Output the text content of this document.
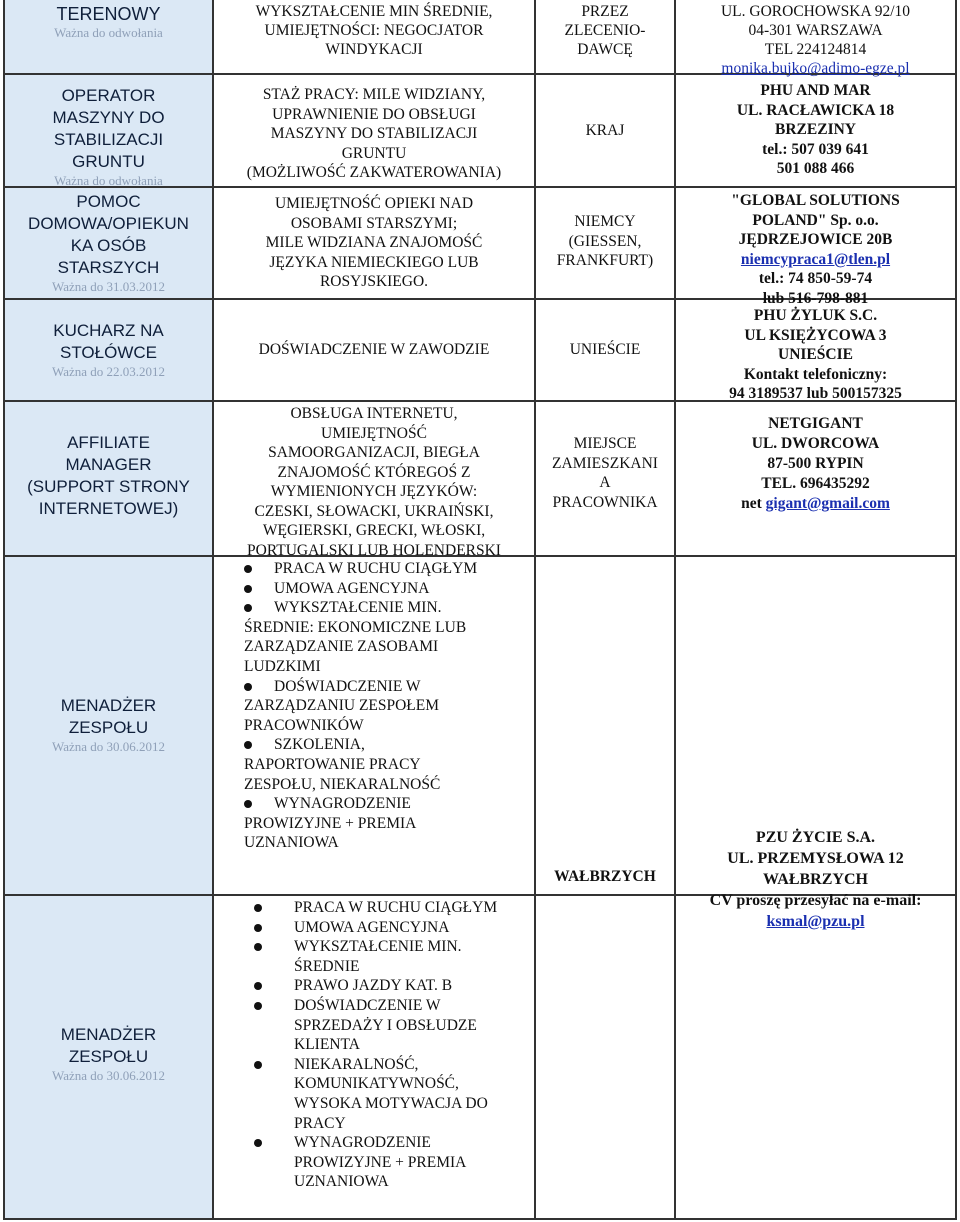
TERENOWY
Ważna do odwołania
WYKSZTAŁCENIE MIN ŚREDNIE,
UMIEJĘTNOŚCI: NEGOCJATOR
WINDYKACJI
PRZEZ
ZLECENIO-
DAWCĘ
UL. GOROCHOWSKA 92/10
04-301 WARSZAWA
TEL 224124814
monika.bujko@adimo-egze.pl
OPERATOR
MASZYNY DO
STABILIZACJI
GRUNTU
Ważna do odwołania
STAŻ PRACY: MILE WIDZIANY,
UPRAWNIENIE DO OBSŁUGI
MASZYNY DO STABILIZACJI
GRUNTU
(MOŻLIWOŚĆ ZAKWATEROWANIA)
KRAJ
PHU AND MAR
UL. RACŁAWICKA 18
BRZEZINY
tel.: 507 039 641
501 088 466
POMOC
DOMOWA/OPIEKUN
KA OSÓB
STARSZYCH
Ważna do 31.03.2012
UMIEJĘTNOŚĆ OPIEKI NAD
OSOBAMI STARSZYMI;
MILE WIDZIANA ZNAJOMOŚĆ
JĘZYKA NIEMIECKIEGO LUB
ROSYJSKIEGO.
NIEMCY
(GIESSEN,
FRANKFURT)
"GLOBAL SOLUTIONS
POLAND" Sp. o.o.
JĘDRZEJOWICE 20B
niemcypraca1@tlen.pl
tel.: 74 850-59-74
lub 516-798-881
KUCHARZ NA
STOŁÓWCE
Ważna do 22.03.2012
DOŚWIADCZENIE W ZAWODZIE	UNIEŚCIE
PHU ŻYLUK S.C.
UL KSIĘŻYCOWA 3
UNIEŚCIE
Kontakt telefoniczny:
94 3189537 lub 500157325
AFFILIATE
MANAGER
(SUPPORT STRONY
INTERNETOWEJ)
OBSŁUGA INTERNETU,
UMIEJĘTNOŚĆ
SAMOORGANIZACJI, BIEGŁA
ZNAJOMOŚĆ KTÓREGOŚ Z
WYMIENIONYCH JĘZYKÓW:
CZESKI, SŁOWACKI, UKRAIŃSKI,
WĘGIERSKI, GRECKI, WŁOSKI,
PORTUGALSKI LUB HOLENDERSKI
MIEJSCE
ZAMIESZKANI
A
PRACOWNIKA
NETGIGANT
UL. DWORCOWA
87-500 RYPIN
TEL. 696435292
net gigant@gmail.com
MENADŻER
ZESPOŁU
Ważna do 30.06.2012
PRACA W RUCHU CIĄGŁYM
UMOWA AGENCYJNA
WYKSZTAŁCENIE MIN.
ŚREDNIE: EKONOMICZNE LUB
ZARZĄDZANIE ZASOBAMI
LUDZKIMI
DOŚWIADCZENIE W
ZARZĄDZANIU ZESPOŁEM
PRACOWNIKÓW
SZKOLENIA,
RAPORTOWANIE PRACY
ZESPOŁU, NIEKARALNOŚĆ
WYNAGRODZENIE
PROWIZYJNE + PREMIA
UZNANIOWA
WAŁBRZYCH
PZU ŻYCIE S.A.
UL. PRZEMYSŁOWA 12
WAŁBRZYCH
CV proszę przesyłać na e-mail:
ksmal@pzu.pl
MENADŻER
ZESPOŁU
Ważna do 30.06.2012
PRACA W RUCHU CIĄGŁYM
UMOWA AGENCYJNA
WYKSZTAŁCENIE MIN.
ŚREDNIE
PRAWO JAZDY KAT. B
DOŚWIADCZENIE W
SPRZEDAŻY I OBSŁUDZE
KLIENTA
NIEKARALNOŚĆ,
KOMUNIKATYWNOŚĆ,
WYSOKA MOTYWACJA DO
PRACY
WYNAGRODZENIE
PROWIZYJNE + PREMIA
UZNANIOWA
